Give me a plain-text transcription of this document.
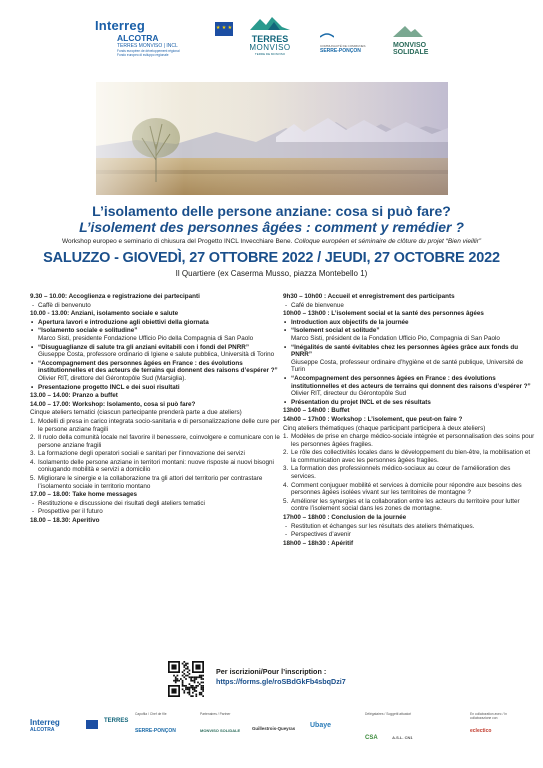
Interreg
ALCOTRA
TERRES MONVISO | INCL
Fonds européen de développement régional
Fondo europeo di sviluppo regionale
★ ★ ★
TERRES
MONVISO
TERRE DE MONVISO
COMMUNAUTÉ DE COMMUNES
SERRE-PONÇON
MONVISO
SOLIDALE
L’isolamento delle persone anziane: cosa si può fare?
L’isolement des personnes âgées : comment y remédier ?
Workshop europeo e seminario di chiusura del Progetto INCL Invecchiare Bene. Colloque européen et séminaire de clôture du projet “Bien vieillir”
SALUZZO - GIOVEDÌ, 27 OTTOBRE 2022 / JEUDI, 27 OCTOBRE 2022
Il Quartiere (ex Caserma Musso, piazza Montebello 1)
9.30 – 10.00: Accoglienza e registrazione dei partecipanti
- Caffè di benvenuto
10.00 - 13.00: Anziani, isolamento sociale e salute
• Apertura lavori e introduzione agli obiettivi della giornata
• “Isolamento sociale e solitudine”
Marco Sisti, presidente Fondazione Ufficio Pio della Compagnia di San Paolo
• “Disuguaglianze di salute tra gli anziani evitabili con i fondi del PNRR”
Giuseppe Costa, professore ordinario di Igiene e salute pubblica, Università di Torino
• “Accompagnement des personnes âgées en France : des évolutions institutionnelles et des acteurs de terrains qui donnent des raisons d’espérer ?”
Olivier RIT, direttore del Gérontopôle Sud (Marsiglia).
• Presentazione progetto INCL e dei suoi risultati
13.00 – 14.00: Pranzo a buffet
14.00 – 17.00: Workshop: Isolamento, cosa si può fare?
Cinque ateliers tematici (ciascun partecipante prenderà parte a due ateliers)
1. Modelli di presa in carico integrata socio-sanitaria e di personalizzazione delle cure per le persone anziane fragili
2. Il ruolo della comunità locale nel favorire il benessere, coinvolgere e comunicare con le persone anziane fragili
3. La formazione degli operatori sociali e sanitari per l’innovazione dei servizi
4. Isolamento delle persone anziane in territori montani: nuove risposte ai nuovi bisogni coniugando mobilità e servizi a domicilio
5. Migliorare le sinergie e la collaborazione tra gli attori del territorio per contrastare l’isolamento sociale in territorio montano
17.00 – 18.00: Take home messages
- Restituzione e discussione dei risultati degli ateliers tematici
- Prospettive per il futuro
18.00 – 18.30: Aperitivo
9h30 – 10h00 : Accueil et enregistrement des participants
- Café de bienvenue
10h00 – 13h00 : L’isolement social et la santé des personnes âgées
• Introduction aux objectifs de la journée
• “Isolement social et solitude”
Marco Sisti, président de la Fondation Ufficio Pio, Compagnia di San Paolo
• “Inégalités de santé évitables chez les personnes âgées grâce aux fonds du PNRR”
Giuseppe Costa, professeur ordinaire d’hygiène et de santé publique, Université de Turin
• “Accompagnement des personnes âgées en France : des évolutions institutionnelles et des acteurs de terrains qui donnent des raisons d’espérer ?”
Olivier RIT, directeur du Gérontopôle Sud
• Présentation du projet INCL et de ses résultats
13h00 – 14h00 : Buffet
14h00 – 17h00 : Workshop : L’isolement, que peut-on faire ?
Cinq ateliers thématiques (chaque participant participera à deux ateliers)
1. Modèles de prise en charge médico-sociale intégrée et personnalisation des soins pour les personnes âgées fragiles.
2. Le rôle des collectivités locales dans le développement du bien-être, la mobilisation et la communication avec les personnes âgées fragiles.
3. La formation des professionnels médico-sociaux au cœur de l’amélioration des services.
4. Comment conjuguer mobilité et services à domicile pour répondre aux besoins des personnes âgées isolées vivant sur les territoires de montagne ?
5. Améliorer les synergies et la collaboration entre les acteurs du territoire pour lutter contre l’isolement social dans les zones de montagne.
17h00 – 18h00 : Conclusion de la journée
- Restitution et échanges sur les résultats des ateliers thématiques.
- Perspectives d’avenir
18h00 – 18h30 : Apéritif
Per iscrizioni/Pour l’inscription :
https://forms.gle/roSBdGkFb4sbqDzi7
Interreg
ALCOTRA
TERRES
Capofila / Chef de file
SERRE-PONÇON
Partenaires / Partner
MONVISO SOLIDALE	Guillestrois-Queyras Ubaye
Délégataires / Soggetti attuatori
CSA	A.S.L. CN1
En collaboration avec / In collaborazione con
eclectico
